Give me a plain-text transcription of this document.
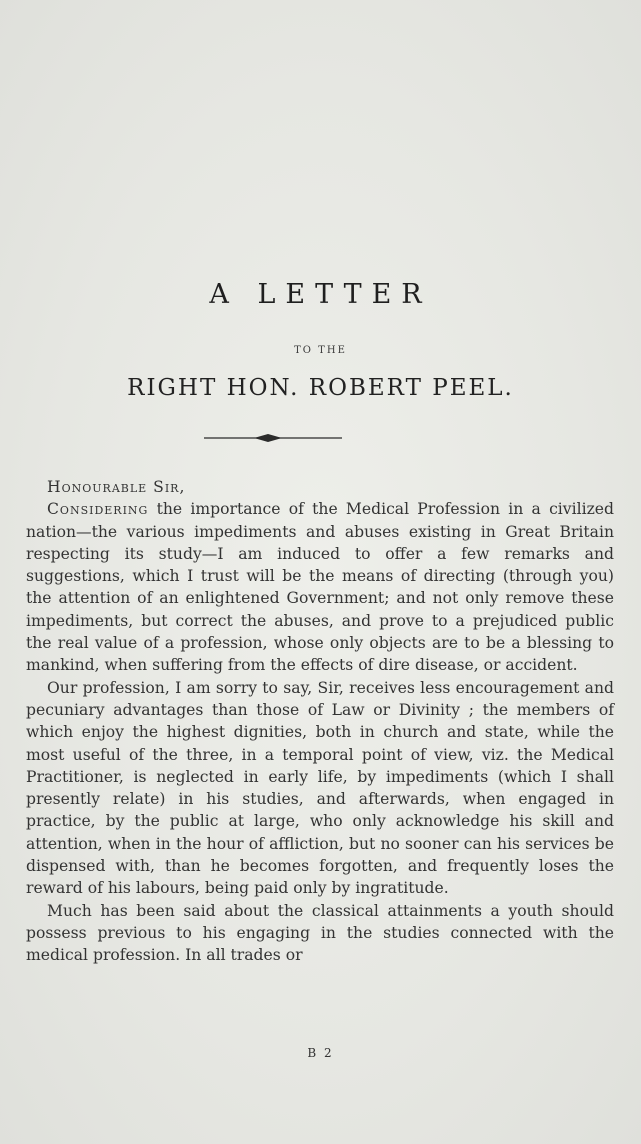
A LETTER
TO THE
RIGHT HON. ROBERT PEEL.

Honourable Sir,

Considering the importance of the Medical Profession in a civilized nation—the various impediments and abuses existing in Great Britain respecting its study—I am induced to offer a few remarks and suggestions, which I trust will be the means of directing (through you) the attention of an enlightened Government; and not only remove these impediments, but correct the abuses, and prove to a prejudiced public the real value of a profession, whose only objects are to be a blessing to mankind, when suffering from the effects of dire disease, or accident.

Our profession, I am sorry to say, Sir, receives less encouragement and pecuniary advantages than those of Law or Divinity ; the members of which enjoy the highest dignities, both in church and state, while the most useful of the three, in a temporal point of view, viz. the Medical Practitioner, is neglected in early life, by impediments (which I shall presently relate) in his studies, and afterwards, when engaged in practice, by the public at large, who only acknowledge his skill and attention, when in the hour of affliction, but no sooner can his services be dispensed with, than he becomes forgotten, and frequently loses the reward of his labours, being paid only by ingratitude.

Much has been said about the classical attainments a youth should possess previous to his engaging in the studies connected with the medical profession. In all trades or

B 2
